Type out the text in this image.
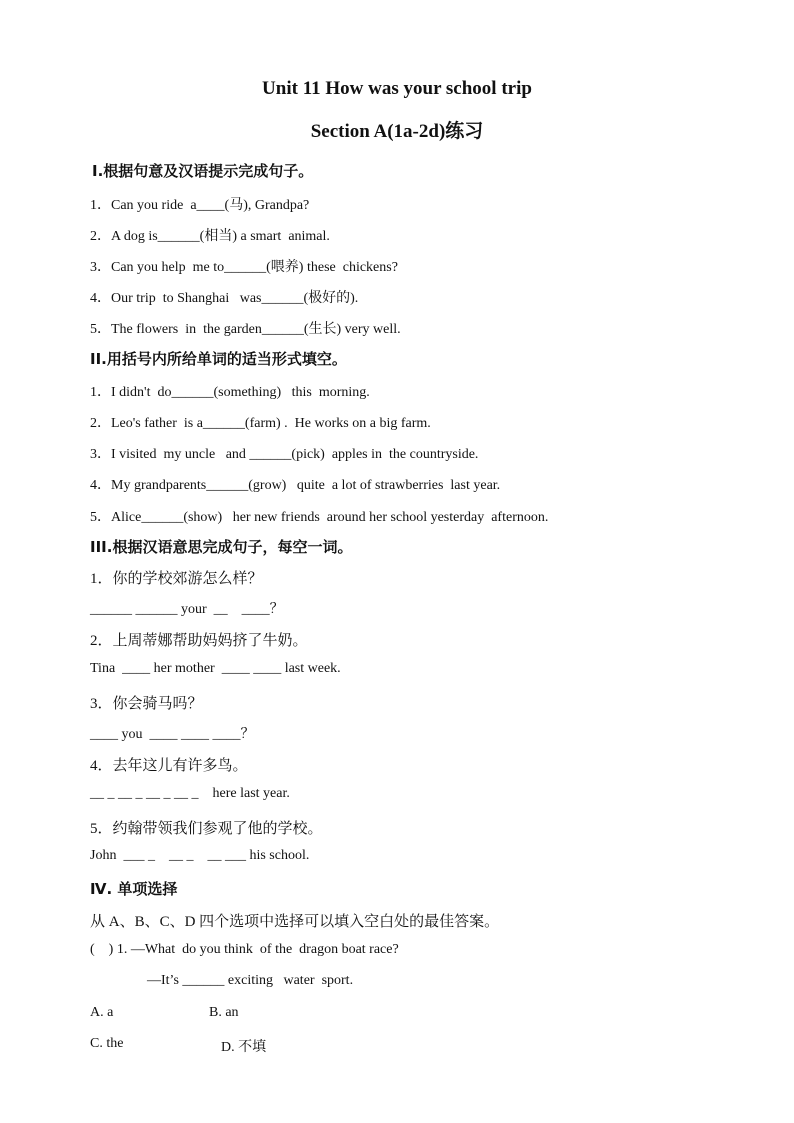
Unit 11 How was your school trip
Section A(1a-2d)练习
Ⅰ.根据句意及汉语提示完成句子。
1．Can you ride  a____(马), Grandpa?
2．A dog is______(相当) a smart  animal.
3．Can you help  me to______(喂养) these  chickens?
4．Our trip  to Shanghai   was______(极好的).
5．The flowers  in  the garden______(生长) very well.
II.用括号内所给单词的适当形式填空。
1．I didn't  do______(something)   this  morning.
2．Leo's father  is a______(farm) .  He works on a big farm.
3．I visited  my uncle   and ______(pick)  apples in  the countryside.
4．My grandparents______(grow)   quite  a lot of strawberries  last year.
5．Alice______(show)   her new friends  around her school yesterday  afternoon.
III.根据汉语意思完成句子，每空一词。
1．你的学校郊游怎么样？
______ ______ your  __    ____？
2．上周蒂娜帮助妈妈挤了牛奶。
Tina  ____ her mother  ____ ____ last week.
3．你会骑马吗？
____ you  ____ ____ ____？
4．去年这儿有许多鸟。
__ _ __ _ __ _ __ _    here last year.
5．约翰带领我们参观了他的学校。
John  ___ _    __ _    __ ___ his school.
Ⅳ. 单项选择
从 A、B、C、D 四个选项中选择可以填入空白处的最佳答案。
(    ) 1. —What  do you think  of the  dragon boat race?
—It’s ______ exciting   water  sport.
A. a	B. an
C. the	D. 不填
